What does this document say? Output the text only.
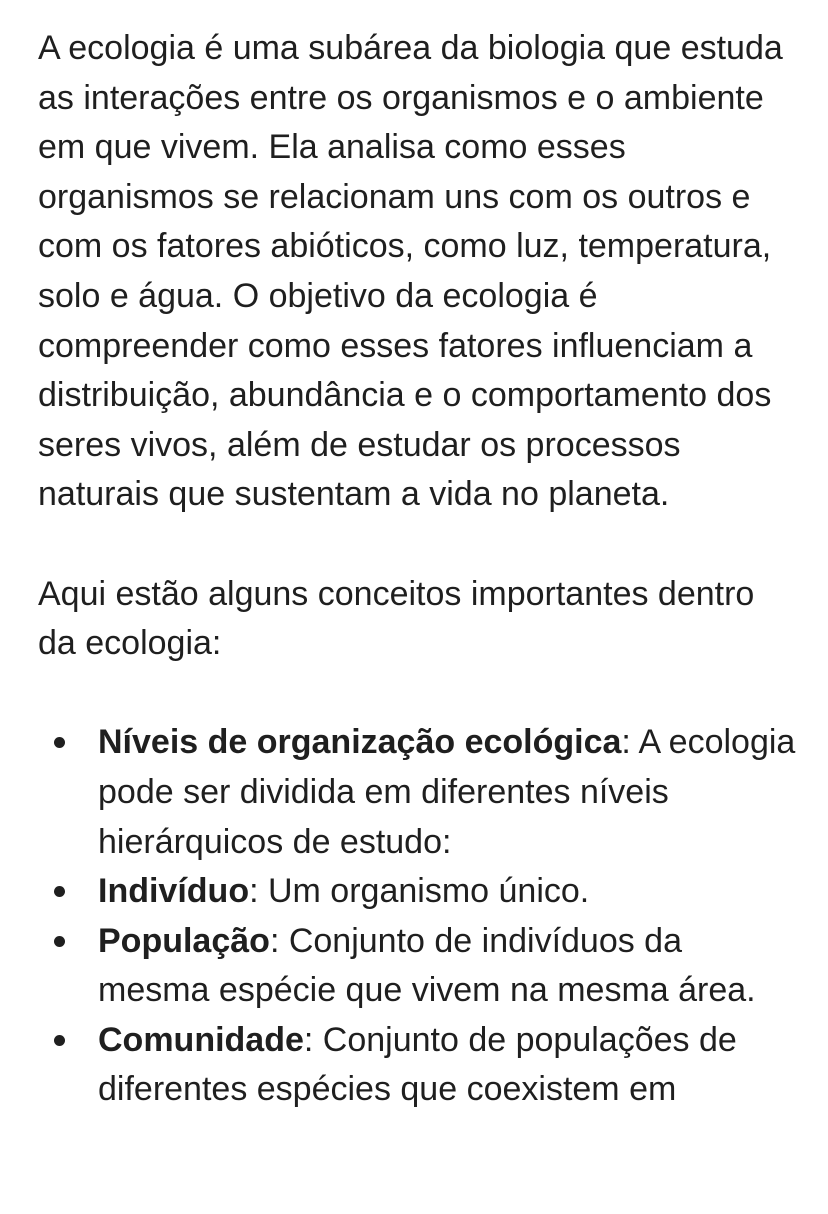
A ecologia é uma subárea da biologia que estuda as interações entre os organismos e o ambiente em que vivem. Ela analisa como esses organismos se relacionam uns com os outros e com os fatores abióticos, como luz, temperatura, solo e água. O objetivo da ecologia é compreender como esses fatores influenciam a distribuição, abundância e o comportamento dos seres vivos, além de estudar os processos naturais que sustentam a vida no planeta.

Aqui estão alguns conceitos importantes dentro da ecologia:

Níveis de organização ecológica: A ecologia pode ser dividida em diferentes níveis hierárquicos de estudo:
Indivíduo: Um organismo único.
População: Conjunto de indivíduos da mesma espécie que vivem na mesma área.
Comunidade: Conjunto de populações de diferentes espécies que coexistem em
